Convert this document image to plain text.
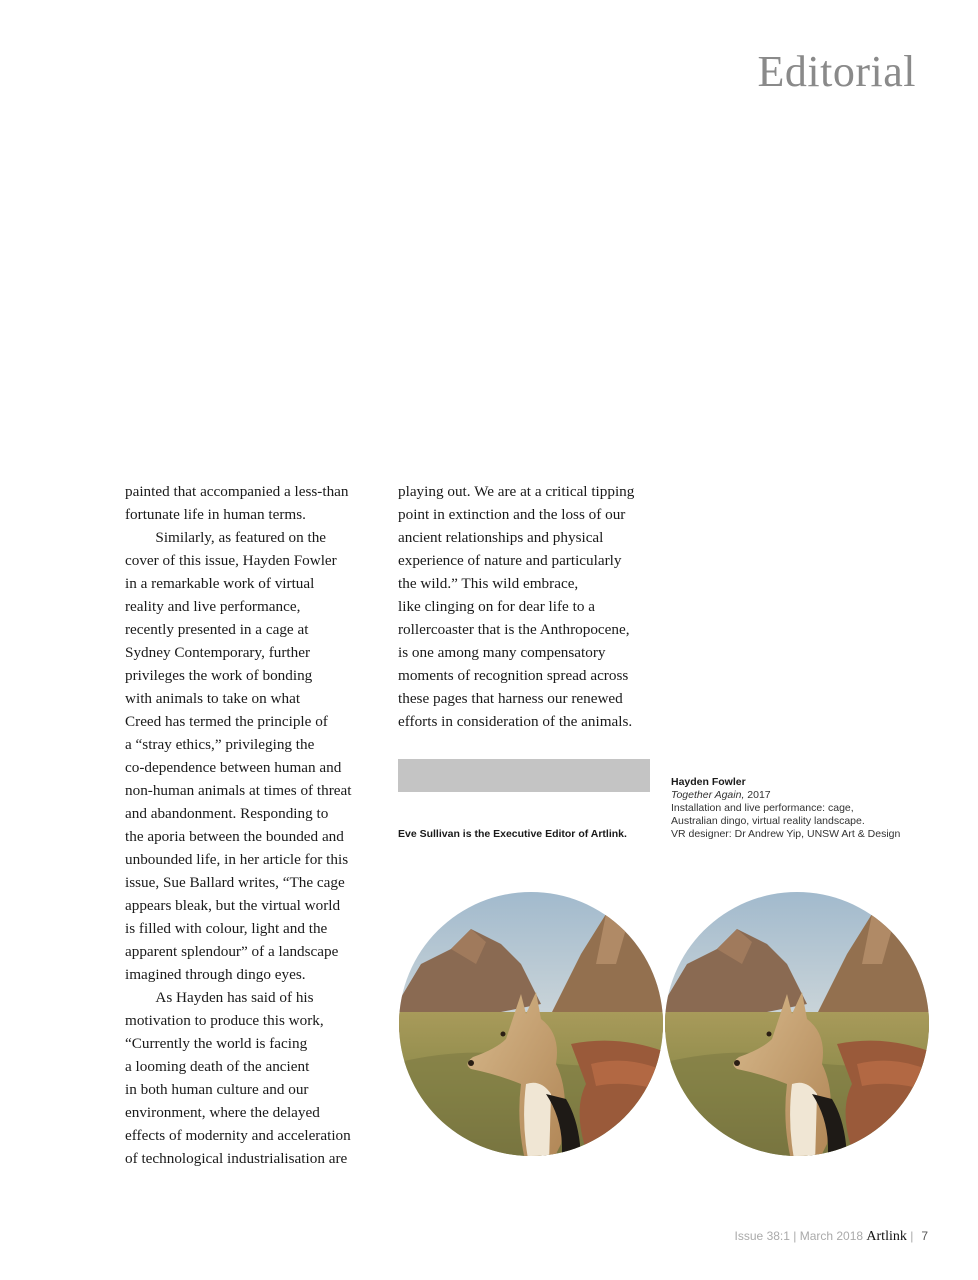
Editorial

painted that accompanied a less-than

fortunate life in human terms.

Similarly, as featured on the

cover of this issue, Hayden Fowler

in a remarkable work of virtual

reality and live performance,

recently presented in a cage at

Sydney Contemporary, further

privileges the work of bonding

with animals to take on what

Creed has termed the principle of

a “stray ethics,” privileging the

co-dependence between human and

non-human animals at times of threat

and abandonment. Responding to

the aporia between the bounded and

unbounded life, in her article for this

issue, Sue Ballard writes, “The cage

appears bleak, but the virtual world

is filled with colour, light and the

apparent splendour” of a landscape

imagined through dingo eyes.

As Hayden has said of his

motivation to produce this work,

“Currently the world is facing

a looming death of the ancient

in both human culture and our

environment, where the delayed

effects of modernity and acceleration

of technological industrialisation are

playing out. We are at a critical tipping

point in extinction and the loss of our

ancient relationships and physical

experience of nature and particularly

the wild.” This wild embrace,

like clinging on for dear life to a

rollercoaster that is the Anthropocene,

is one among many compensatory

moments of recognition spread across

these pages that harness our renewed

efforts in consideration of the animals.

Eve Sullivan is the Executive Editor of Artlink.
Hayden Fowler
Together Again, 2017
Installation and live performance: cage,
Australian dingo, virtual reality landscape.
VR designer: Dr Andrew Yip, UNSW Art & Design
Issue 38:1 | March 2018 Artlink | 7
